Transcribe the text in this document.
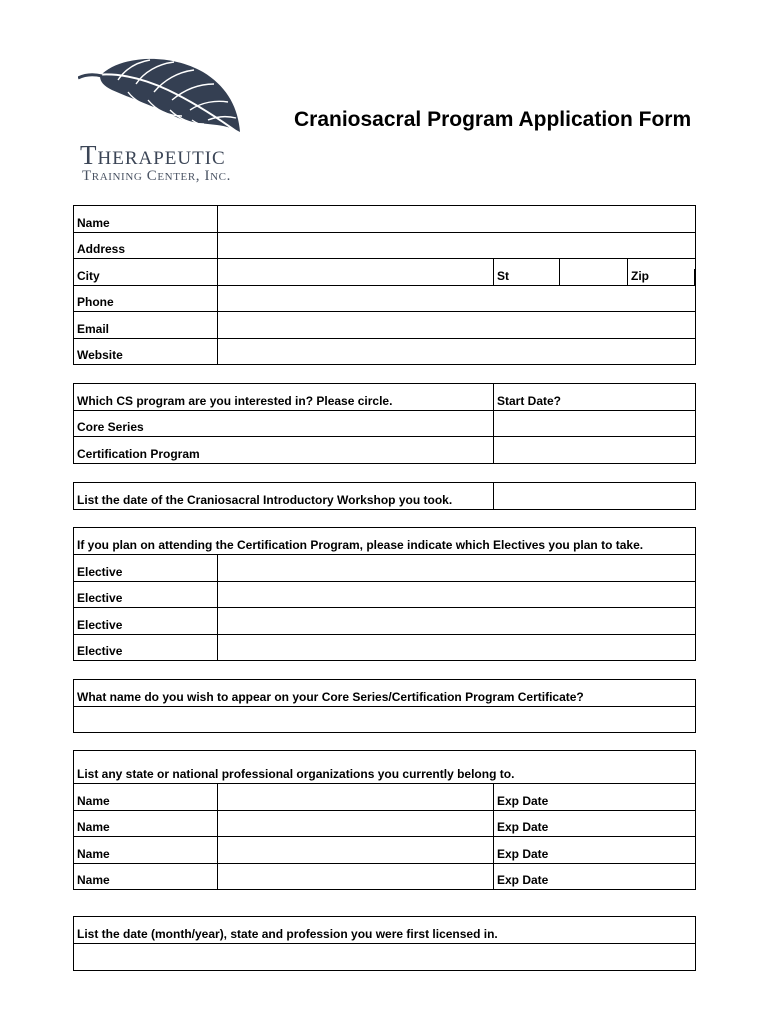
Therapeutic
Training Center, Inc.
Craniosacral Program Application Form
Name				
Address				
City		St		Zip

Phone				
Email				
Website				
Which CS program are you interested in? Please circle.	Start Date?
Core Series	
Certification Program	
List the date of the Craniosacral Introductory Workshop you took.	
If you plan on attending the Certification Program, please indicate which Electives you plan to take.	
Elective	
Elective	
Elective	
Elective	
What name do you wish to appear on your Core Series/Certification Program Certificate?

List any state or national professional organizations you currently belong to.		
Name		Exp Date
Name		Exp Date
Name		Exp Date
Name		Exp Date
List the date (month/year), state and profession you were first licensed in.
